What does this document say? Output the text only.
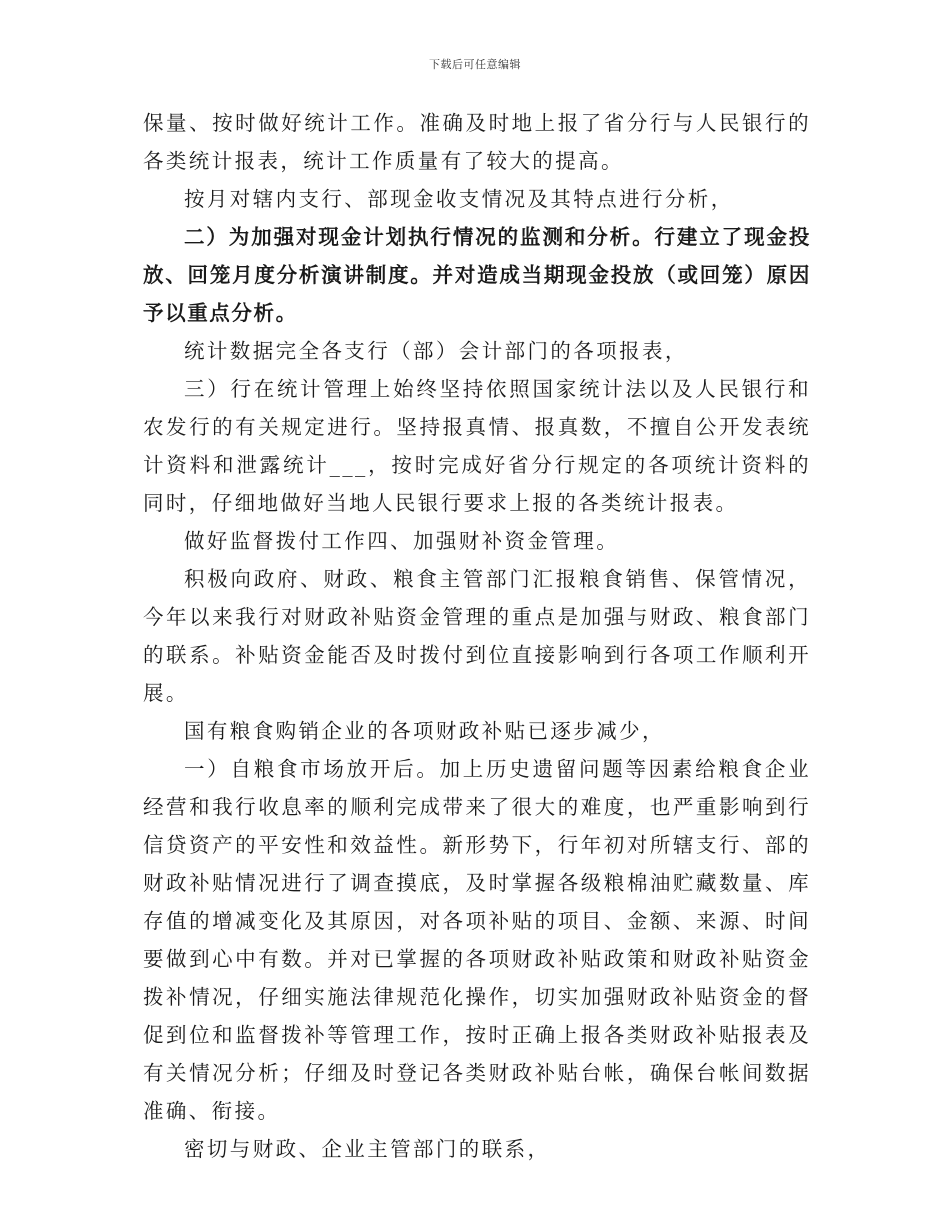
下载后可任意编辑

保量、按时做好统计工作。准确及时地上报了省分行与人民银行的各类统计报表，统计工作质量有了较大的提高。

按月对辖内支行、部现金收支情况及其特点进行分析，

二）为加强对现金计划执行情况的监测和分析。行建立了现金投放、回笼月度分析演讲制度。并对造成当期现金投放（或回笼）原因予以重点分析。

统计数据完全各支行（部）会计部门的各项报表，

三）行在统计管理上始终坚持依照国家统计法以及人民银行和农发行的有关规定进行。坚持报真情、报真数，不擅自公开发表统计资料和泄露统计___，按时完成好省分行规定的各项统计资料的同时，仔细地做好当地人民银行要求上报的各类统计报表。

做好监督拨付工作四、加强财补资金管理。

积极向政府、财政、粮食主管部门汇报粮食销售、保管情况，今年以来我行对财政补贴资金管理的重点是加强与财政、粮食部门的联系。补贴资金能否及时拨付到位直接影响到行各项工作顺利开展。

国有粮食购销企业的各项财政补贴已逐步减少，

一）自粮食市场放开后。加上历史遗留问题等因素给粮食企业经营和我行收息率的顺利完成带来了很大的难度，也严重影响到行信贷资产的平安性和效益性。新形势下，行年初对所辖支行、部的财政补贴情况进行了调查摸底，及时掌握各级粮棉油贮藏数量、库存值的增减变化及其原因，对各项补贴的项目、金额、来源、时间要做到心中有数。并对已掌握的各项财政补贴政策和财政补贴资金拨补情况，仔细实施法律规范化操作，切实加强财政补贴资金的督促到位和监督拨补等管理工作，按时正确上报各类财政补贴报表及有关情况分析；仔细及时登记各类财政补贴台帐，确保台帐间数据准确、衔接。

密切与财政、企业主管部门的联系，
